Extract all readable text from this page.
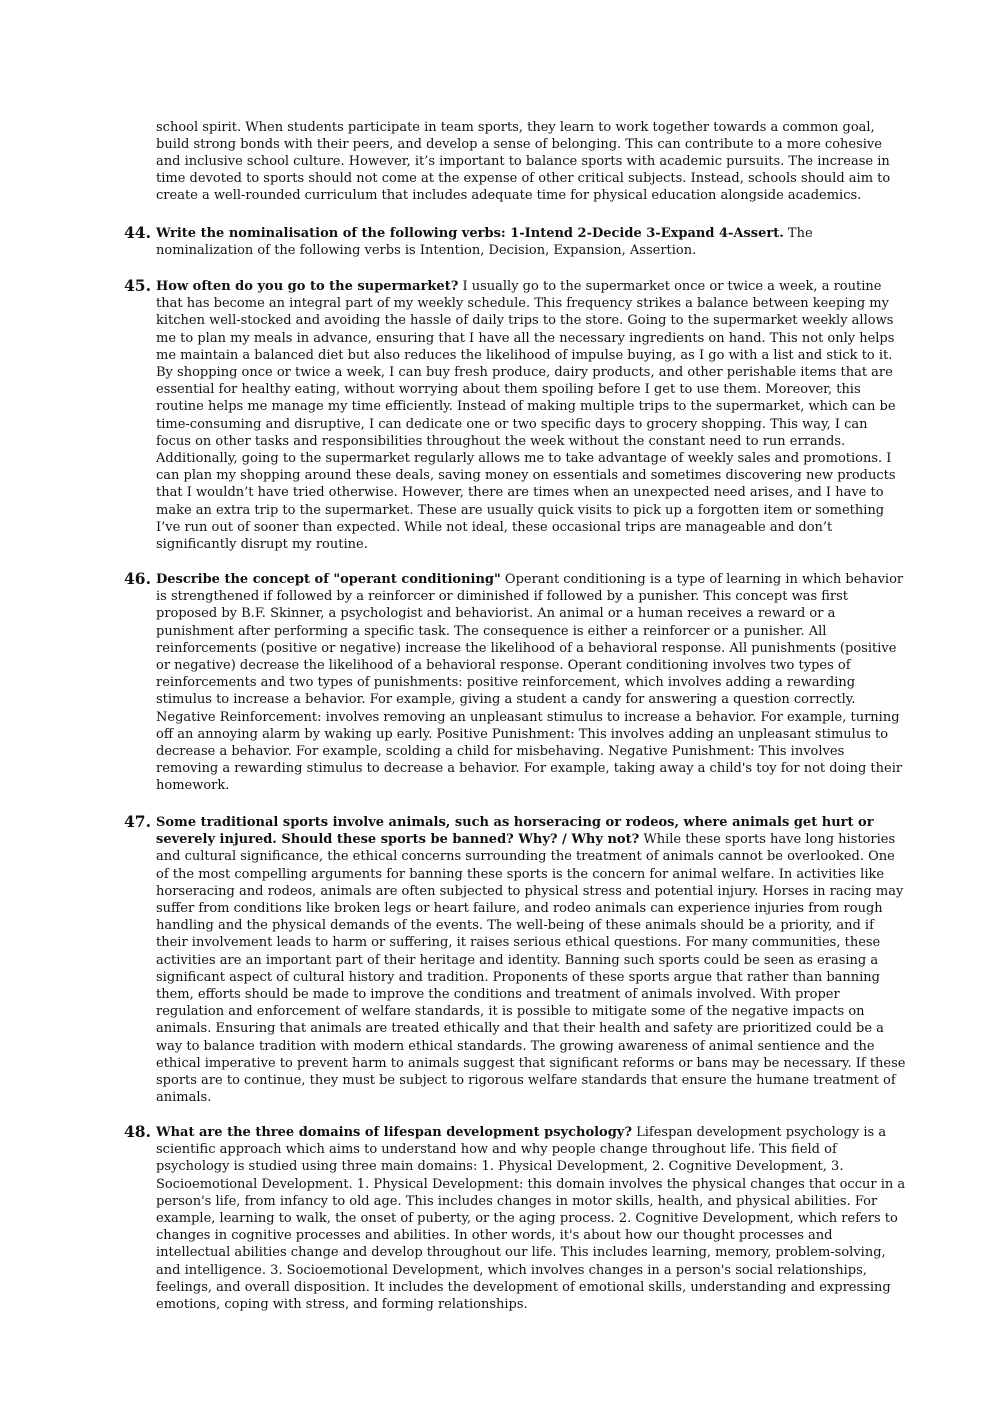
school spirit. When students participate in team sports, they learn to work together towards a common goal, build strong bonds with their peers, and develop a sense of belonging. This can contribute to a more cohesive and inclusive school culture. However, it’s important to balance sports with academic pursuits. The increase in time devoted to sports should not come at the expense of other critical subjects. Instead, schools should aim to create a well-rounded curriculum that includes adequate time for physical education alongside academics.

44. Write the nominalisation of the following verbs: 1-Intend 2-Decide 3-Expand 4-Assert. The nominalization of the following verbs is Intention, Decision, Expansion, Assertion.
45. How often do you go to the supermarket? I usually go to the supermarket once or twice a week, a routine that has become an integral part of my weekly schedule. This frequency strikes a balance between keeping my kitchen well-stocked and avoiding the hassle of daily trips to the store. Going to the supermarket weekly allows me to plan my meals in advance, ensuring that I have all the necessary ingredients on hand. This not only helps me maintain a balanced diet but also reduces the likelihood of impulse buying, as I go with a list and stick to it. By shopping once or twice a week, I can buy fresh produce, dairy products, and other perishable items that are essential for healthy eating, without worrying about them spoiling before I get to use them. Moreover, this routine helps me manage my time efficiently. Instead of making multiple trips to the supermarket, which can be time-consuming and disruptive, I can dedicate one or two specific days to grocery shopping. This way, I can focus on other tasks and responsibilities throughout the week without the constant need to run errands. Additionally, going to the supermarket regularly allows me to take advantage of weekly sales and promotions. I can plan my shopping around these deals, saving money on essentials and sometimes discovering new products that I wouldn’t have tried otherwise. However, there are times when an unexpected need arises, and I have to make an extra trip to the supermarket. These are usually quick visits to pick up a forgotten item or something I’ve run out of sooner than expected. While not ideal, these occasional trips are manageable and don’t significantly disrupt my routine.
46. Describe the concept of "operant conditioning" Operant conditioning is a type of learning in which behavior is strengthened if followed by a reinforcer or diminished if followed by a punisher. This concept was first proposed by B.F. Skinner, a psychologist and behaviorist. An animal or a human receives a reward or a punishment after performing a specific task. The consequence is either a reinforcer or a punisher. All reinforcements (positive or negative) increase the likelihood of a behavioral response. All punishments (positive or negative) decrease the likelihood of a behavioral response. Operant conditioning involves two types of reinforcements and two types of punishments: positive reinforcement, which involves adding a rewarding stimulus to increase a behavior. For example, giving a student a candy for answering a question correctly. Negative Reinforcement: involves removing an unpleasant stimulus to increase a behavior. For example, turning off an annoying alarm by waking up early. Positive Punishment: This involves adding an unpleasant stimulus to decrease a behavior. For example, scolding a child for misbehaving. Negative Punishment: This involves removing a rewarding stimulus to decrease a behavior. For example, taking away a child's toy for not doing their homework.
47. Some traditional sports involve animals, such as horseracing or rodeos, where animals get hurt or severely injured. Should these sports be banned? Why? / Why not? While these sports have long histories and cultural significance, the ethical concerns surrounding the treatment of animals cannot be overlooked. One of the most compelling arguments for banning these sports is the concern for animal welfare. In activities like horseracing and rodeos, animals are often subjected to physical stress and potential injury. Horses in racing may suffer from conditions like broken legs or heart failure, and rodeo animals can experience injuries from rough handling and the physical demands of the events. The well-being of these animals should be a priority, and if their involvement leads to harm or suffering, it raises serious ethical questions. For many communities, these activities are an important part of their heritage and identity. Banning such sports could be seen as erasing a significant aspect of cultural history and tradition. Proponents of these sports argue that rather than banning them, efforts should be made to improve the conditions and treatment of animals involved. With proper regulation and enforcement of welfare standards, it is possible to mitigate some of the negative impacts on animals. Ensuring that animals are treated ethically and that their health and safety are prioritized could be a way to balance tradition with modern ethical standards. The growing awareness of animal sentience and the ethical imperative to prevent harm to animals suggest that significant reforms or bans may be necessary. If these sports are to continue, they must be subject to rigorous welfare standards that ensure the humane treatment of animals.
48. What are the three domains of lifespan development psychology? Lifespan development psychology is a scientific approach which aims to understand how and why people change throughout life. This field of psychology is studied using three main domains: 1. Physical Development, 2. Cognitive Development, 3. Socioemotional Development. 1. Physical Development: this domain involves the physical changes that occur in a person's life, from infancy to old age. This includes changes in motor skills, health, and physical abilities. For example, learning to walk, the onset of puberty, or the aging process. 2. Cognitive Development, which refers to changes in cognitive processes and abilities. In other words, it's about how our thought processes and intellectual abilities change and develop throughout our life. This includes learning, memory, problem-solving, and intelligence. 3. Socioemotional Development, which involves changes in a person's social relationships, feelings, and overall disposition. It includes the development of emotional skills, understanding and expressing emotions, coping with stress, and forming relationships.
